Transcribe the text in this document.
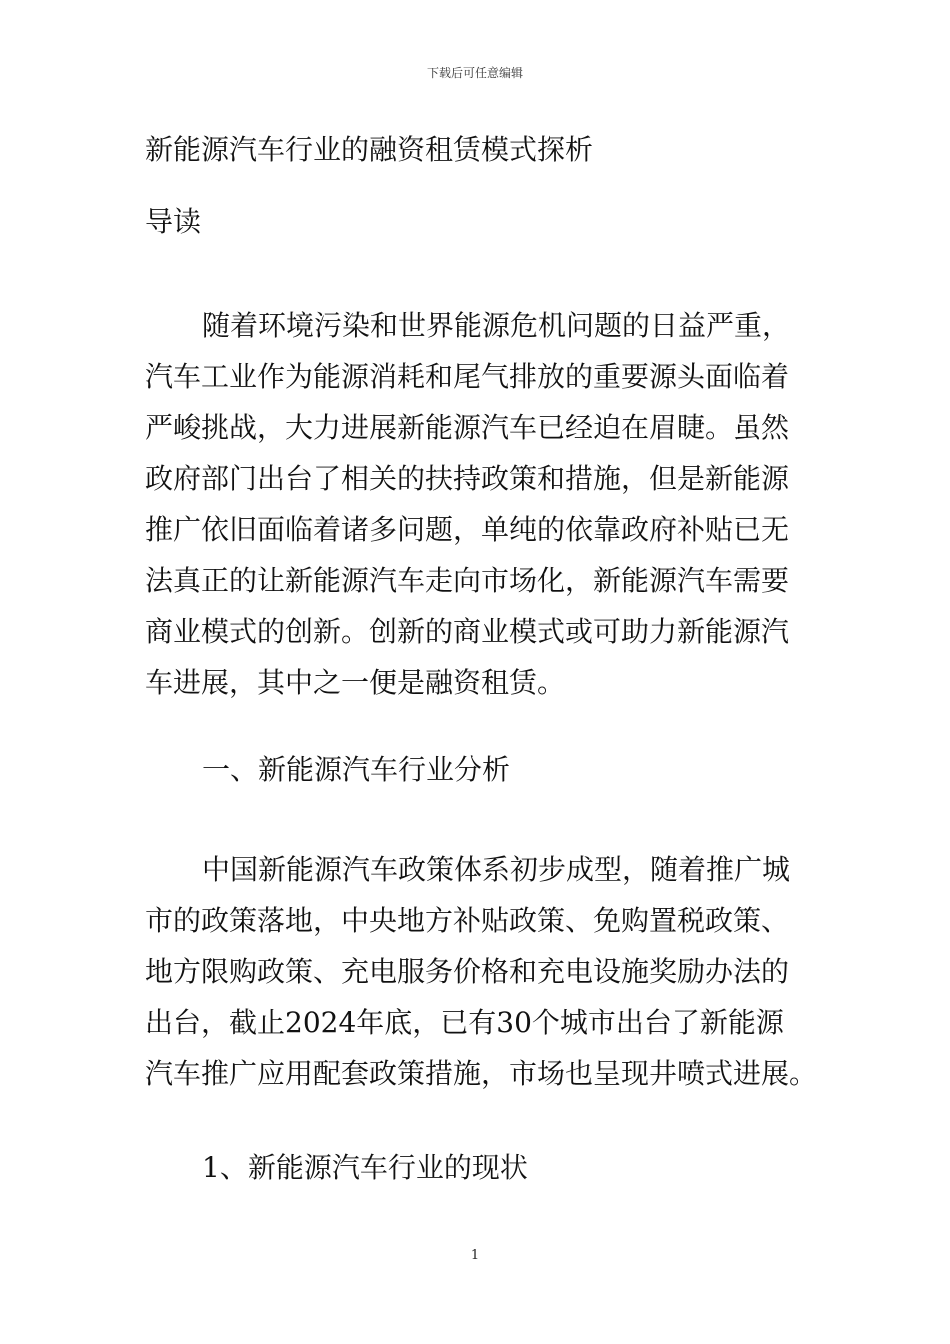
下载后可任意编辑
新能源汽车行业的融资租赁模式探析
导读
随着环境污染和世界能源危机问题的日益严重，
汽车工业作为能源消耗和尾气排放的重要源头面临着
严峻挑战，大力进展新能源汽车已经迫在眉睫。虽然
政府部门出台了相关的扶持政策和措施，但是新能源
推广依旧面临着诸多问题，单纯的依靠政府补贴已无
法真正的让新能源汽车走向市场化，新能源汽车需要
商业模式的创新。创新的商业模式或可助力新能源汽
车进展，其中之一便是融资租赁。
一、新能源汽车行业分析
中国新能源汽车政策体系初步成型，随着推广城
市的政策落地，中央地方补贴政策、免购置税政策、
地方限购政策、充电服务价格和充电设施奖励办法的
出台，截止2024年底，已有30个城市出台了新能源
汽车推广应用配套政策措施，市场也呈现井喷式进展。
1、新能源汽车行业的现状
1
